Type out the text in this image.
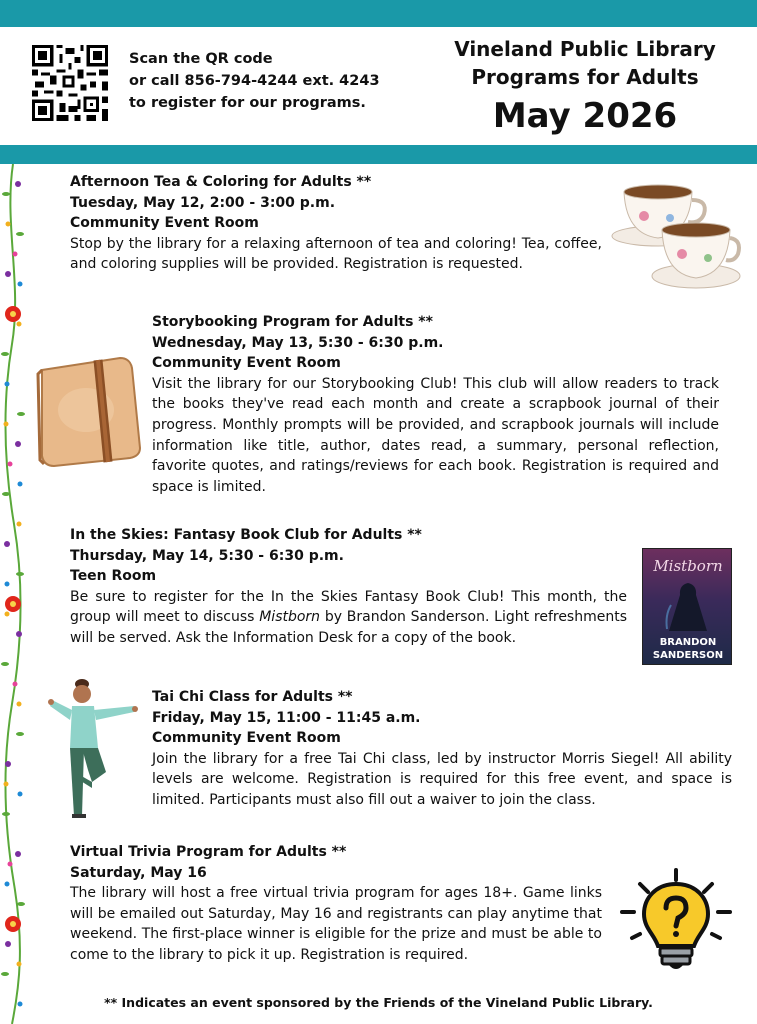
Scan the QR code
or call 856-794-4244 ext. 4243
to register for our programs.
Vineland Public Library
Programs for Adults
May 2026
Afternoon Tea & Coloring for Adults **
Tuesday, May 12, 2:00 - 3:00 p.m.
Community Event Room
Stop by the library for a relaxing afternoon of tea and coloring! Tea, coffee, and coloring supplies will be provided. Registration is requested.
Storybooking Program for Adults **
Wednesday, May 13, 5:30 - 6:30 p.m.
Community Event Room
Visit the library for our Storybooking Club! This club will allow readers to track the books they've read each month and create a scrapbook journal of their progress. Monthly prompts will be provided, and scrapbook journals will include information like title, author, dates read, a summary, personal reflection, favorite quotes, and ratings/reviews for each book. Registration is required and space is limited.
In the Skies: Fantasy Book Club for Adults **
Thursday, May 14, 5:30 - 6:30 p.m.
Teen Room
Be sure to register for the In the Skies Fantasy Book Club! This month, the group will meet to discuss Mistborn by Brandon Sanderson. Light refreshments will be served. Ask the Information Desk for a copy of the book.
Mistborn
BRANDON
SANDERSON
Tai Chi Class for Adults **
Friday, May 15, 11:00 - 11:45 a.m.
Community Event Room
Join the library for a free Tai Chi class, led by instructor Morris Siegel! All ability levels are welcome. Registration is required for this free event, and space is limited. Participants must also fill out a waiver to join the class.
Virtual Trivia Program for Adults **
Saturday, May 16
The library will host a free virtual trivia program for ages 18+. Game links will be emailed out Saturday, May 16 and registrants can play anytime that weekend. The first-place winner is eligible for the prize and must be able to come to the library to pick it up. Registration is required.
** Indicates an event sponsored by the Friends of the Vineland Public Library.
